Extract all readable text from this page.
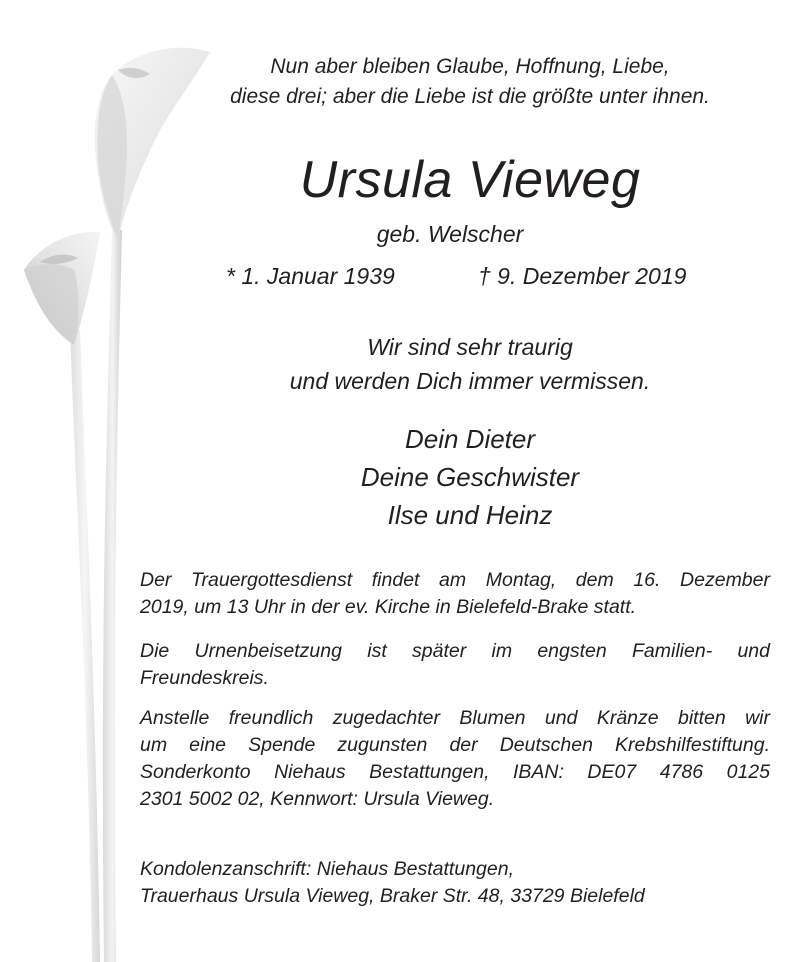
Nun aber bleiben Glaube, Hoffnung, Liebe,
diese drei; aber die Liebe ist die größte unter ihnen.
Ursula Vieweg
geb. Welscher
* 1. Januar 1939	† 9. Dezember 2019
Wir sind sehr traurig
und werden Dich immer vermissen.
Dein Dieter
Deine Geschwister
Ilse und Heinz
Der Trauergottesdienst findet am Montag, dem 16. Dezember
2019, um 13 Uhr in der ev. Kirche in Bielefeld-Brake statt.
Die Urnenbeisetzung ist später im engsten Familien- und
Freundeskreis.
Anstelle freundlich zugedachter Blumen und Kränze bitten wir
um eine Spende zugunsten der Deutschen Krebshilfestiftung.
Sonderkonto Niehaus Bestattungen, IBAN: DE07 4786 0125
2301 5002 02, Kennwort: Ursula Vieweg.
Kondolenzanschrift: Niehaus Bestattungen,
Trauerhaus Ursula Vieweg, Braker Str. 48, 33729 Bielefeld
